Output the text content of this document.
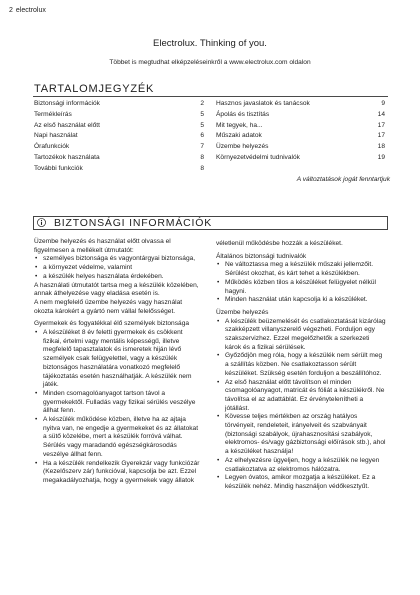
2 electrolux
Electrolux. Thinking of you.
Többet is megtudhat elképzeléseinkről a www.electrolux.com oldalon
TARTALOMJEGYZÉK
Biztonsági információk	2
Termékleírás	5
Az első használat előtt	5
Napi használat	6
Órafunkciók	7
Tartozékok használata	8
További funkciók	8
Hasznos javaslatok és tanácsok	9
Ápolás és tisztítás	14
Mit tegyek, ha...	17
Műszaki adatok	17
Üzembe helyezés	18
Környezetvédelmi tudnivalók	19
A változtatások jogát fenntartjuk
BIZTONSÁGI INFORMÁCIÓK

Üzembe helyezés és használat előtt olvassa el figyelmesen a mellékelt útmutatót:

• személyes biztonsága és vagyontárgyai biztonsága,
• a környezet védelme, valamint
• a készülék helyes használata érdekében.

A használati útmutatót tartsa meg a készülék közelében, annak áthelyezése vagy eladása esetén is.

A nem megfelelő üzembe helyezés vagy használat okozta károkért a gyártó nem vállal felelősséget.

Gyermekek és fogyatékkal élő személyek biztonsága

• A készüléket 8 év feletti gyermekek és csökkent fizikai, értelmi vagy mentális képességű, illetve megfelelő tapasztalatok és ismeretek hiján lévő személyek csak felügyelettel, vagy a készülék biztonságos használatára vonatkozó megfelelő tájékoztatás esetén használhatják. A készülék nem játék.
• Minden csomagolóanyagot tartson távol a gyermekektől. Fulladás vagy fizikai sérülés veszélye állhat fenn.
• A készülék működése közben, illetve ha az ajtaja nyitva van, ne engedje a gyermekeket és az állatokat a sütő közelébe, mert a készülék forróvá válhat. Sérülés vagy maradandó egészségkárosodás veszélye állhat fenn.
• Ha a készülék rendelkezik Gyerekzár vagy funkciózár (Kezelőszerv zár) funkcióval, kapcsolja be azt. Ezzel megakadályozhatja, hogy a gyermekek vagy állatok

véletlenül működésbe hozzák a készüléket.

Általános biztonsági tudnivalók

• Ne változtassa meg a készülék műszaki jellemzőit. Sérülést okozhat, és kárt tehet a készülékben.
• Működés közben tilos a készüléket felügyelet nélkül hagyni.
• Minden használat után kapcsolja ki a készüléket.

Üzembe helyezés

• A készülék beüzemelését és csatlakoztatását kizárólag szakképzett villanyszerelő végezheti. Forduljon egy szakszervizhez. Ezzel megelőzhetők a szerkezeti károk és a fizikai sérülések.
• Győződjön meg róla, hogy a készülék nem sérült meg a szállítás közben. Ne csatlakoztasson sérült készüléket. Szükség esetén forduljon a beszállítóhoz.
• Az első használat előtt távolítson el minden csomagolóanyagot, matricát és fóliát a készülékről. Ne távolítsa el az adattáblát. Ez érvénytelenítheti a jótállást.
• Kövesse teljes mértékben az ország hatályos törvényeit, rendeleteit, irányelveit és szabványait (biztonsági szabályok, újrahasznosítási szabályok, elektromos- és/vagy gázbiztonsági előírások stb.), ahol a készüléket használja!
• Az elhelyezésre ügyeljen, hogy a készülék ne legyen csatlakoztatva az elektromos hálózatra.
• Legyen óvatos, amikor mozgatja a készüléket. Ez a készülék nehéz. Mindig használjon védőkesztyűt.
